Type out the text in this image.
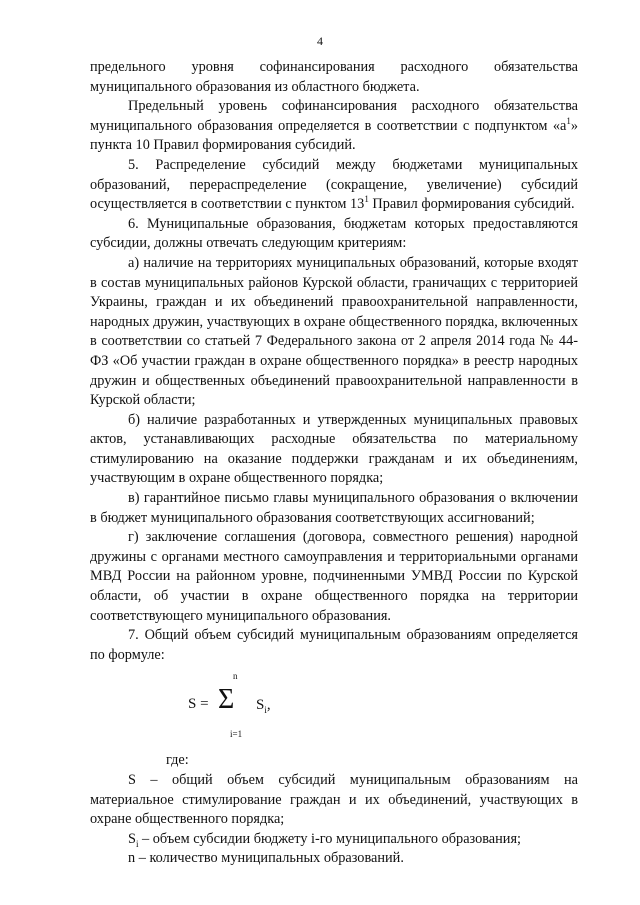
4

предельного уровня софинансирования расходного обязательства муниципального образования из областного бюджета.

Предельный уровень софинансирования расходного обязательства муниципального образования определяется в соответствии с подпунктом «$а^1$» пункта 10 Правил формирования субсидий.

5. Распределение субсидий между бюджетами муниципальных образований, перераспределение (сокращение, увеличение) субсидий осуществляется в соответствии с пунктом $13^1$ Правил формирования субсидий.

6. Муниципальные образования, бюджетам которых предоставляются субсидии, должны отвечать следующим критериям:

а) наличие на территориях муниципальных образований, которые входят в состав муниципальных районов Курской области, граничащих с территорией Украины, граждан и их объединений правоохранительной направленности, народных дружин, участвующих в охране общественного порядка, включенных в соответствии со статьей 7 Федерального закона от 2 апреля 2014 года № 44-ФЗ «Об участии граждан в охране общественного порядка» в реестр народных дружин и общественных объединений правоохранительной направленности в Курской области;

б) наличие разработанных и утвержденных муниципальных правовых актов, устанавливающих расходные обязательства по материальному стимулированию на оказание поддержки гражданам и их объединениям, участвующим в охране общественного порядка;

в) гарантийное письмо главы муниципального образования о включении в бюджет муниципального образования соответствующих ассигнований;

г) заключение соглашения (договора, совместного решения) народной дружины с органами местного самоуправления и территориальными органами МВД России на районном уровне, подчиненными УМВД России по Курской области, об участии в охране общественного порядка на территории соответствующего муниципального образования.

7. Общий объем субсидий муниципальным образованиям определяется по формуле:

n
S = Σ $S_i$,
i=1

где:

S – общий объем субсидий муниципальным образованиям на материальное стимулирование граждан и их объединений, участвующих в охране общественного порядка;

$S_i$ – объем субсидии бюджету i-го муниципального образования;

n – количество муниципальных образований.
